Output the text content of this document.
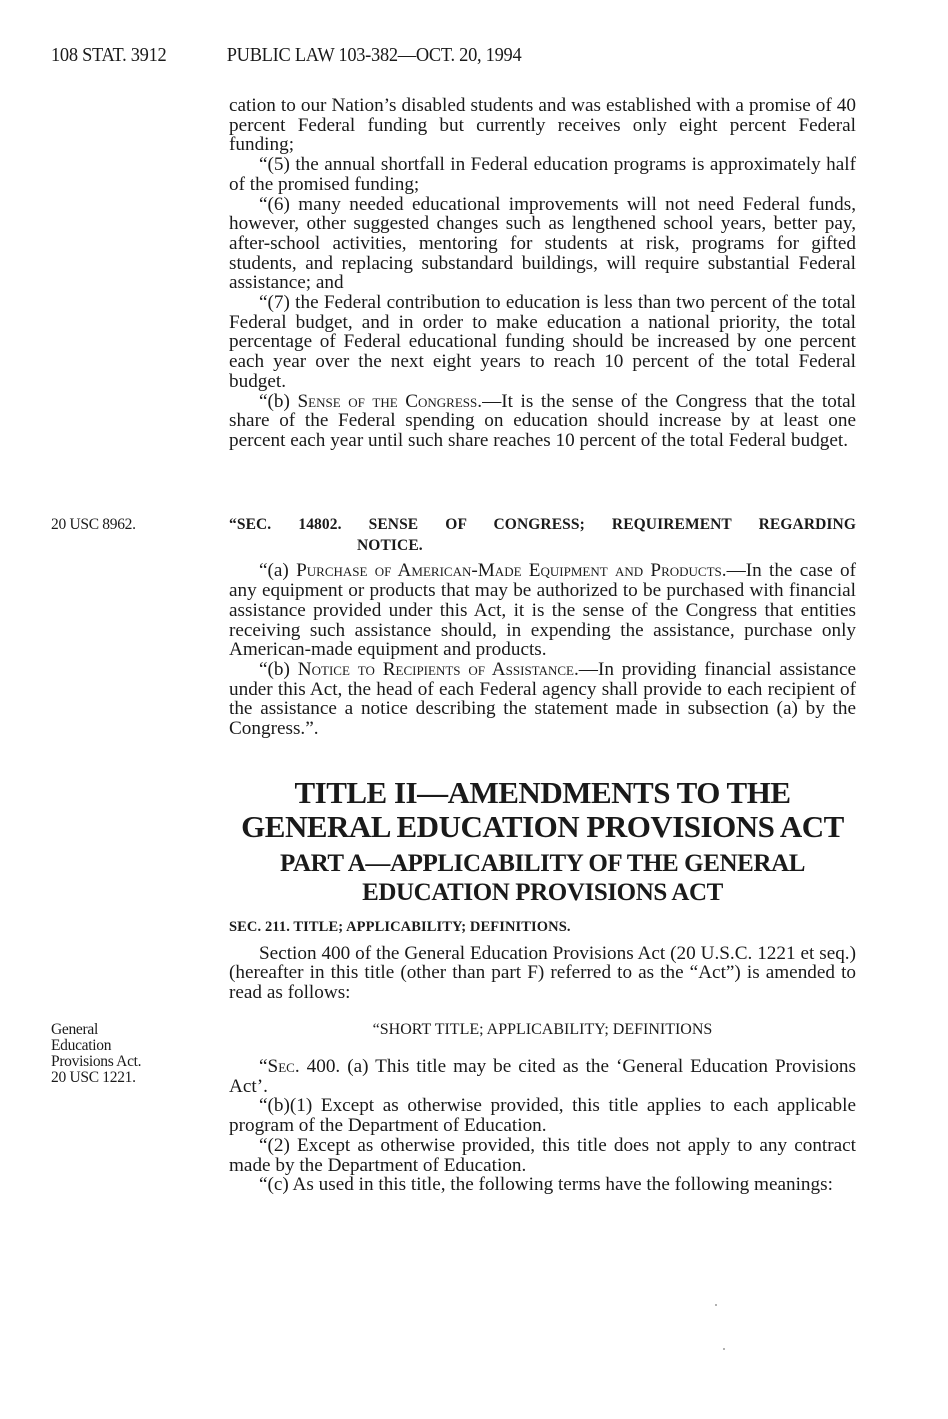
108 STAT. 3912	PUBLIC LAW 103-382—OCT. 20, 1994

cation to our Nation’s disabled students and was established with a promise of 40 percent Federal funding but currently receives only eight percent Federal funding;

“(5) the annual shortfall in Federal education programs is approximately half of the promised funding;

“(6) many needed educational improvements will not need Federal funds, however, other suggested changes such as lengthened school years, better pay, after-school activities, mentoring for students at risk, programs for gifted students, and replacing substandard buildings, will require substantial Federal assistance; and

“(7) the Federal contribution to education is less than two percent of the total Federal budget, and in order to make education a national priority, the total percentage of Federal educational funding should be increased by one percent each year over the next eight years to reach 10 percent of the total Federal budget.

“(b) Sense of the Congress.—It is the sense of the Congress that the total share of the Federal spending on education should increase by at least one percent each year until such share reaches 10 percent of the total Federal budget.

20 USC 8962.	“SEC. 14802. SENSE OF CONGRESS; REQUIREMENT REGARDING
NOTICE.

“(a) Purchase of American-Made Equipment and Products.—In the case of any equipment or products that may be authorized to be purchased with financial assistance provided under this Act, it is the sense of the Congress that entities receiving such assistance should, in expending the assistance, purchase only American-made equipment and products.

“(b) Notice to Recipients of Assistance.—In providing financial assistance under this Act, the head of each Federal agency shall provide to each recipient of the assistance a notice describing the statement made in subsection (a) by the Congress.”.

TITLE II—AMENDMENTS TO THE
GENERAL EDUCATION PROVISIONS ACT
PART A—APPLICABILITY OF THE GENERAL
EDUCATION PROVISIONS ACT
SEC. 211. TITLE; APPLICABILITY; DEFINITIONS.

Section 400 of the General Education Provisions Act (20 U.S.C. 1221 et seq.) (hereafter in this title (other than part F) referred to as the “Act”) is amended to read as follows:

“SHORT TITLE; APPLICABILITY; DEFINITIONS
General
Education
Provisions Act.
20 USC 1221.

“Sec. 400. (a) This title may be cited as the ‘General Education Provisions Act’.

“(b)(1) Except as otherwise provided, this title applies to each applicable program of the Department of Education.

“(2) Except as otherwise provided, this title does not apply to any contract made by the Department of Education.

“(c) As used in this title, the following terms have the following meanings:
